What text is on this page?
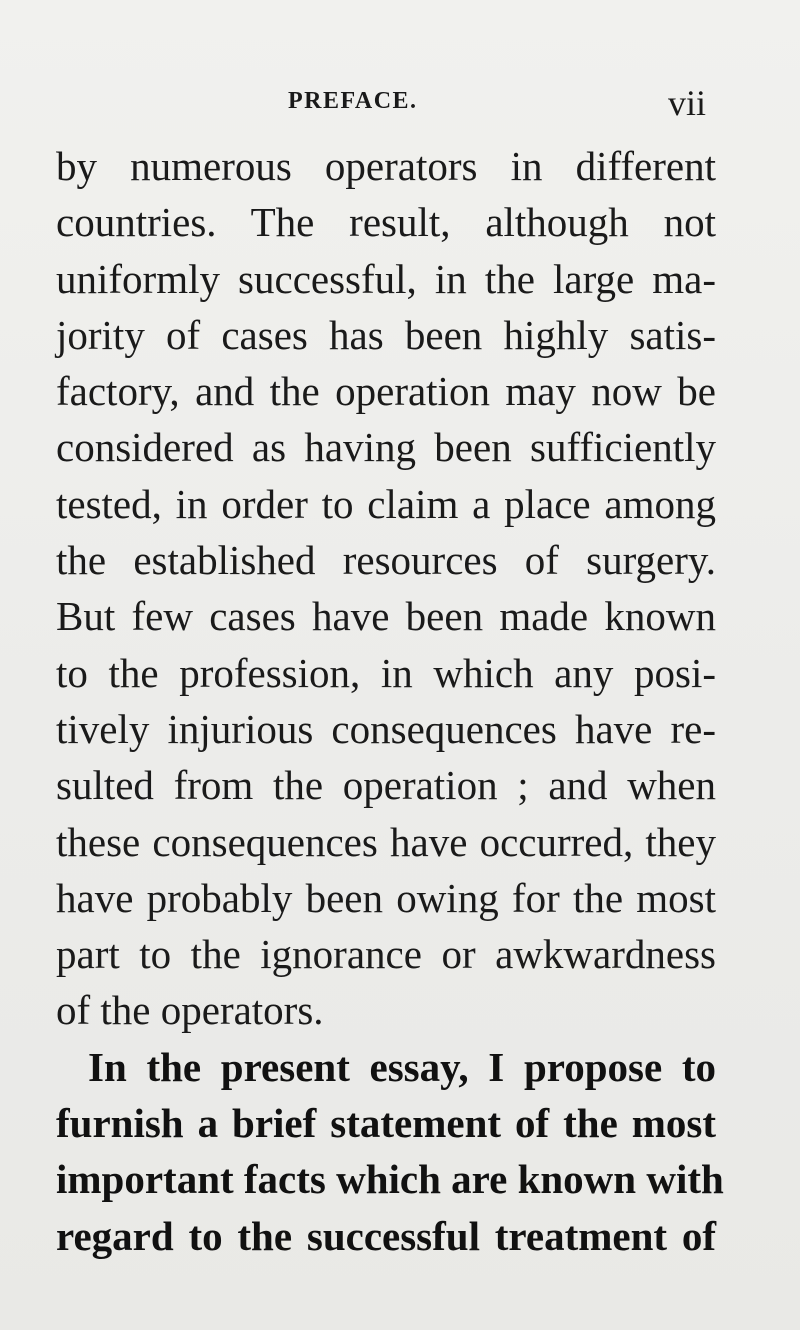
PREFACE.	vii
by numerous operators in different
countries. The result, although not
uniformly successful, in the large ma-
jority of cases has been highly satis-
factory, and the operation may now be
considered as having been sufficiently
tested, in order to claim a place among
the established resources of surgery.
But few cases have been made known
to the profession, in which any posi-
tively injurious consequences have re-
sulted from the operation ; and when
these consequences have occurred, they
have probably been owing for the most
part to the ignorance or awkwardness
of the operators.
In the present essay, I propose to
furnish a brief statement of the most
important facts which are known with
regard to the successful treatment of
